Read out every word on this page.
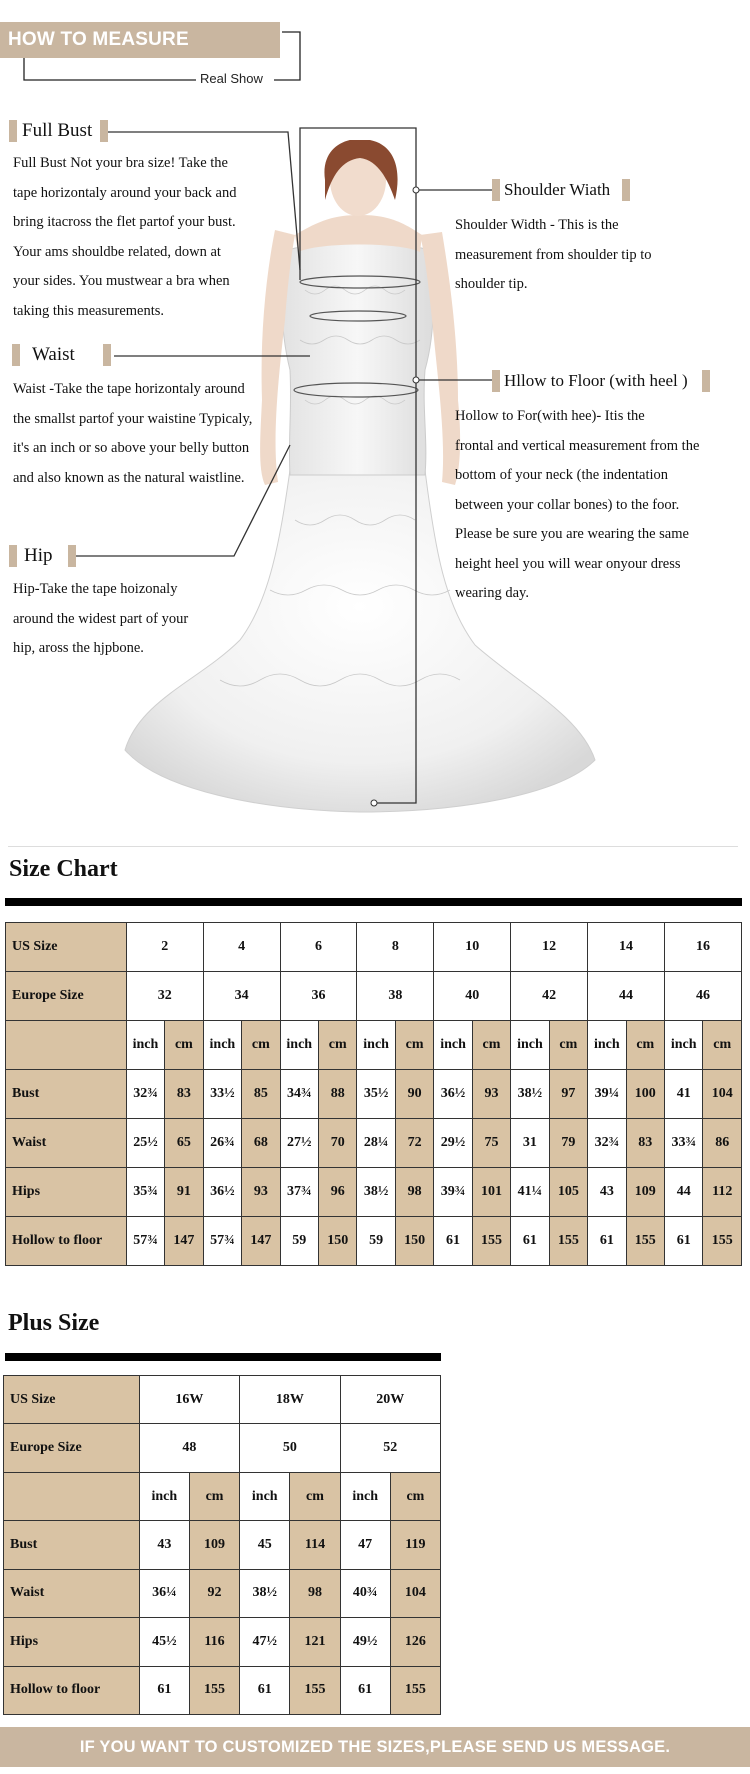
HOW TO MEASURE YOURSELF	Real Show
Full Bust
Full Bust Not your bra size! Take the
tape horizontaly around your back and
bring itacross the flet partof your bust.
Your ams shouldbe related, down at
your sides. You mustwear a bra when
taking this measurements.
Waist
Waist -Take the tape horizontaly around
the smallst partof your waistine Typicaly,
it's an inch or so above your belly button
and also known as the natural waistline.
Hip
Hip-Take the tape hoizonaly
around the widest part of your
hip, aross the hjpbone.
Shoulder Wiath
Shoulder Width - This is the
measurement from shoulder tip to
shoulder tip.
Hllow to Floor (with heel )
Hollow to For(with hee)- Itis the
frontal and vertical measurement from the
bottom of your neck (the indentation
between your collar bones) to the foor.
Please be sure you are wearing the same
height heel you will wear onyour dress
wearing day.
Size Chart
US Size	2		4		6		8		10		12		14		16	
Europe Size	32		34		36		38		40		42		44		46	
	inch	cm	inch	cm	inch	cm	inch	cm	inch	cm	inch	cm	inch	cm	inch	cm
Bust	32¾	83	33½	85	34¾	88	35½	90	36½	93	38½	97	39¼	100	41	104
Waist	25½	65	26¾	68	27½	70	28¼	72	29½	75	31	79	32¾	83	33¾	86
Hips	35¾	91	36½	93	37¾	96	38½	98	39¾	101	41¼	105	43	109	44	112
Hollow to floor	57¾	147	57¾	147	59	150	59	150	61	155	61	155	61	155	61	155
Plus Size
US Size	16W		18W		20W	
Europe Size	48		50		52	
	inch	cm	inch	cm	inch	cm
Bust	43	109	45	114	47	119
Waist	36¼	92	38½	98	40¾	104
Hips	45½	116	47½	121	49½	126
Hollow to floor	61	155	61	155	61	155
IF YOU WANT TO CUSTOMIZED THE SIZES,PLEASE SEND US MESSAGE.
